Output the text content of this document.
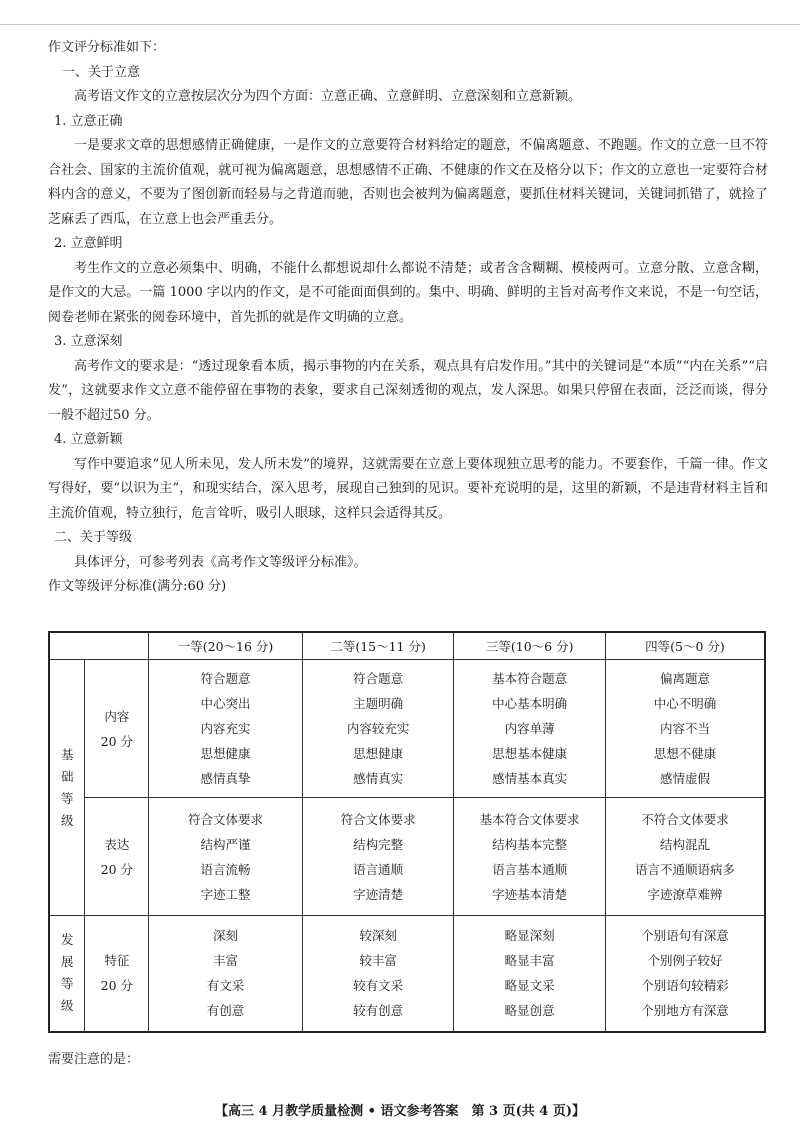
作文评分标准如下：

一、关于立意

高考语文作文的立意按层次分为四个方面：立意正确、立意鲜明、立意深刻和立意新颖。

1. 立意正确

一是要求文章的思想感情正确健康，一是作文的立意要符合材料给定的题意，不偏离题意、不跑题。作文的立意一旦不符合社会、国家的主流价值观，就可视为偏离题意，思想感情不正确、不健康的作文在及格分以下；作文的立意也一定要符合材料内含的意义，不要为了图创新而轻易与之背道而驰，否则也会被判为偏离题意，要抓住材料关键词，关键词抓错了，就捡了芝麻丢了西瓜，在立意上也会严重丢分。

2. 立意鲜明

考生作文的立意必须集中、明确，不能什么都想说却什么都说不清楚；或者含含糊糊、模棱两可。立意分散、立意含糊，是作文的大忌。一篇 1000 字以内的作文，是不可能面面俱到的。集中、明确、鲜明的主旨对高考作文来说，不是一句空话，阅卷老师在紧张的阅卷环境中，首先抓的就是作文明确的立意。

3. 立意深刻

高考作文的要求是：“透过现象看本质，揭示事物的内在关系，观点具有启发作用。”其中的关键词是“本质”“内在关系”“启发”，这就要求作文立意不能停留在事物的表象，要求自己深刻透彻的观点，发人深思。如果只停留在表面，泛泛而谈，得分一般不超过50 分。

4. 立意新颖

写作中要追求“见人所未见，发人所未发”的境界，这就需要在立意上要体现独立思考的能力。不要套作，千篇一律。作文写得好，要“以识为主”，和现实结合，深入思考，展现自己独到的见识。要补充说明的是，这里的新颖，不是违背材料主旨和主流价值观，特立独行，危言耸听，吸引人眼球，这样只会适得其反。

二、关于等级

具体评分，可参考列表《高考作文等级评分标准》。

作文等级评分标准(满分:60 分)

		一等(20～16 分)	二等(15～11 分)	三等(10～6 分)	四等(5～0 分)

基
础
等
级	内容
20 分	符合题意
中心突出
内容充实
思想健康
感情真挚	符合题意
主题明确
内容较充实
思想健康
感情真实	基本符合题意
中心基本明确
内容单薄
思想基本健康
感情基本真实	偏离题意
中心不明确
内容不当
思想不健康
感情虚假

	表达
20 分	符合文体要求
结构严谨
语言流畅
字迹工整	符合文体要求
结构完整
语言通顺
字迹清楚	基本符合文体要求
结构基本完整
语言基本通顺
字迹基本清楚	不符合文体要求
结构混乱
语言不通顺语病多
字迹潦草难辨

发
展
等
级	特征
20 分	深刻
丰富
有文采
有创意	较深刻
较丰富
较有文采
较有创意	略显深刻
略显丰富
略显文采
略显创意	个别语句有深意
个别例子较好
个别语句较精彩
个别地方有深意
需要注意的是：
【高三 4 月教学质量检测 • 语文参考答案　第 3 页(共 4 页)】
